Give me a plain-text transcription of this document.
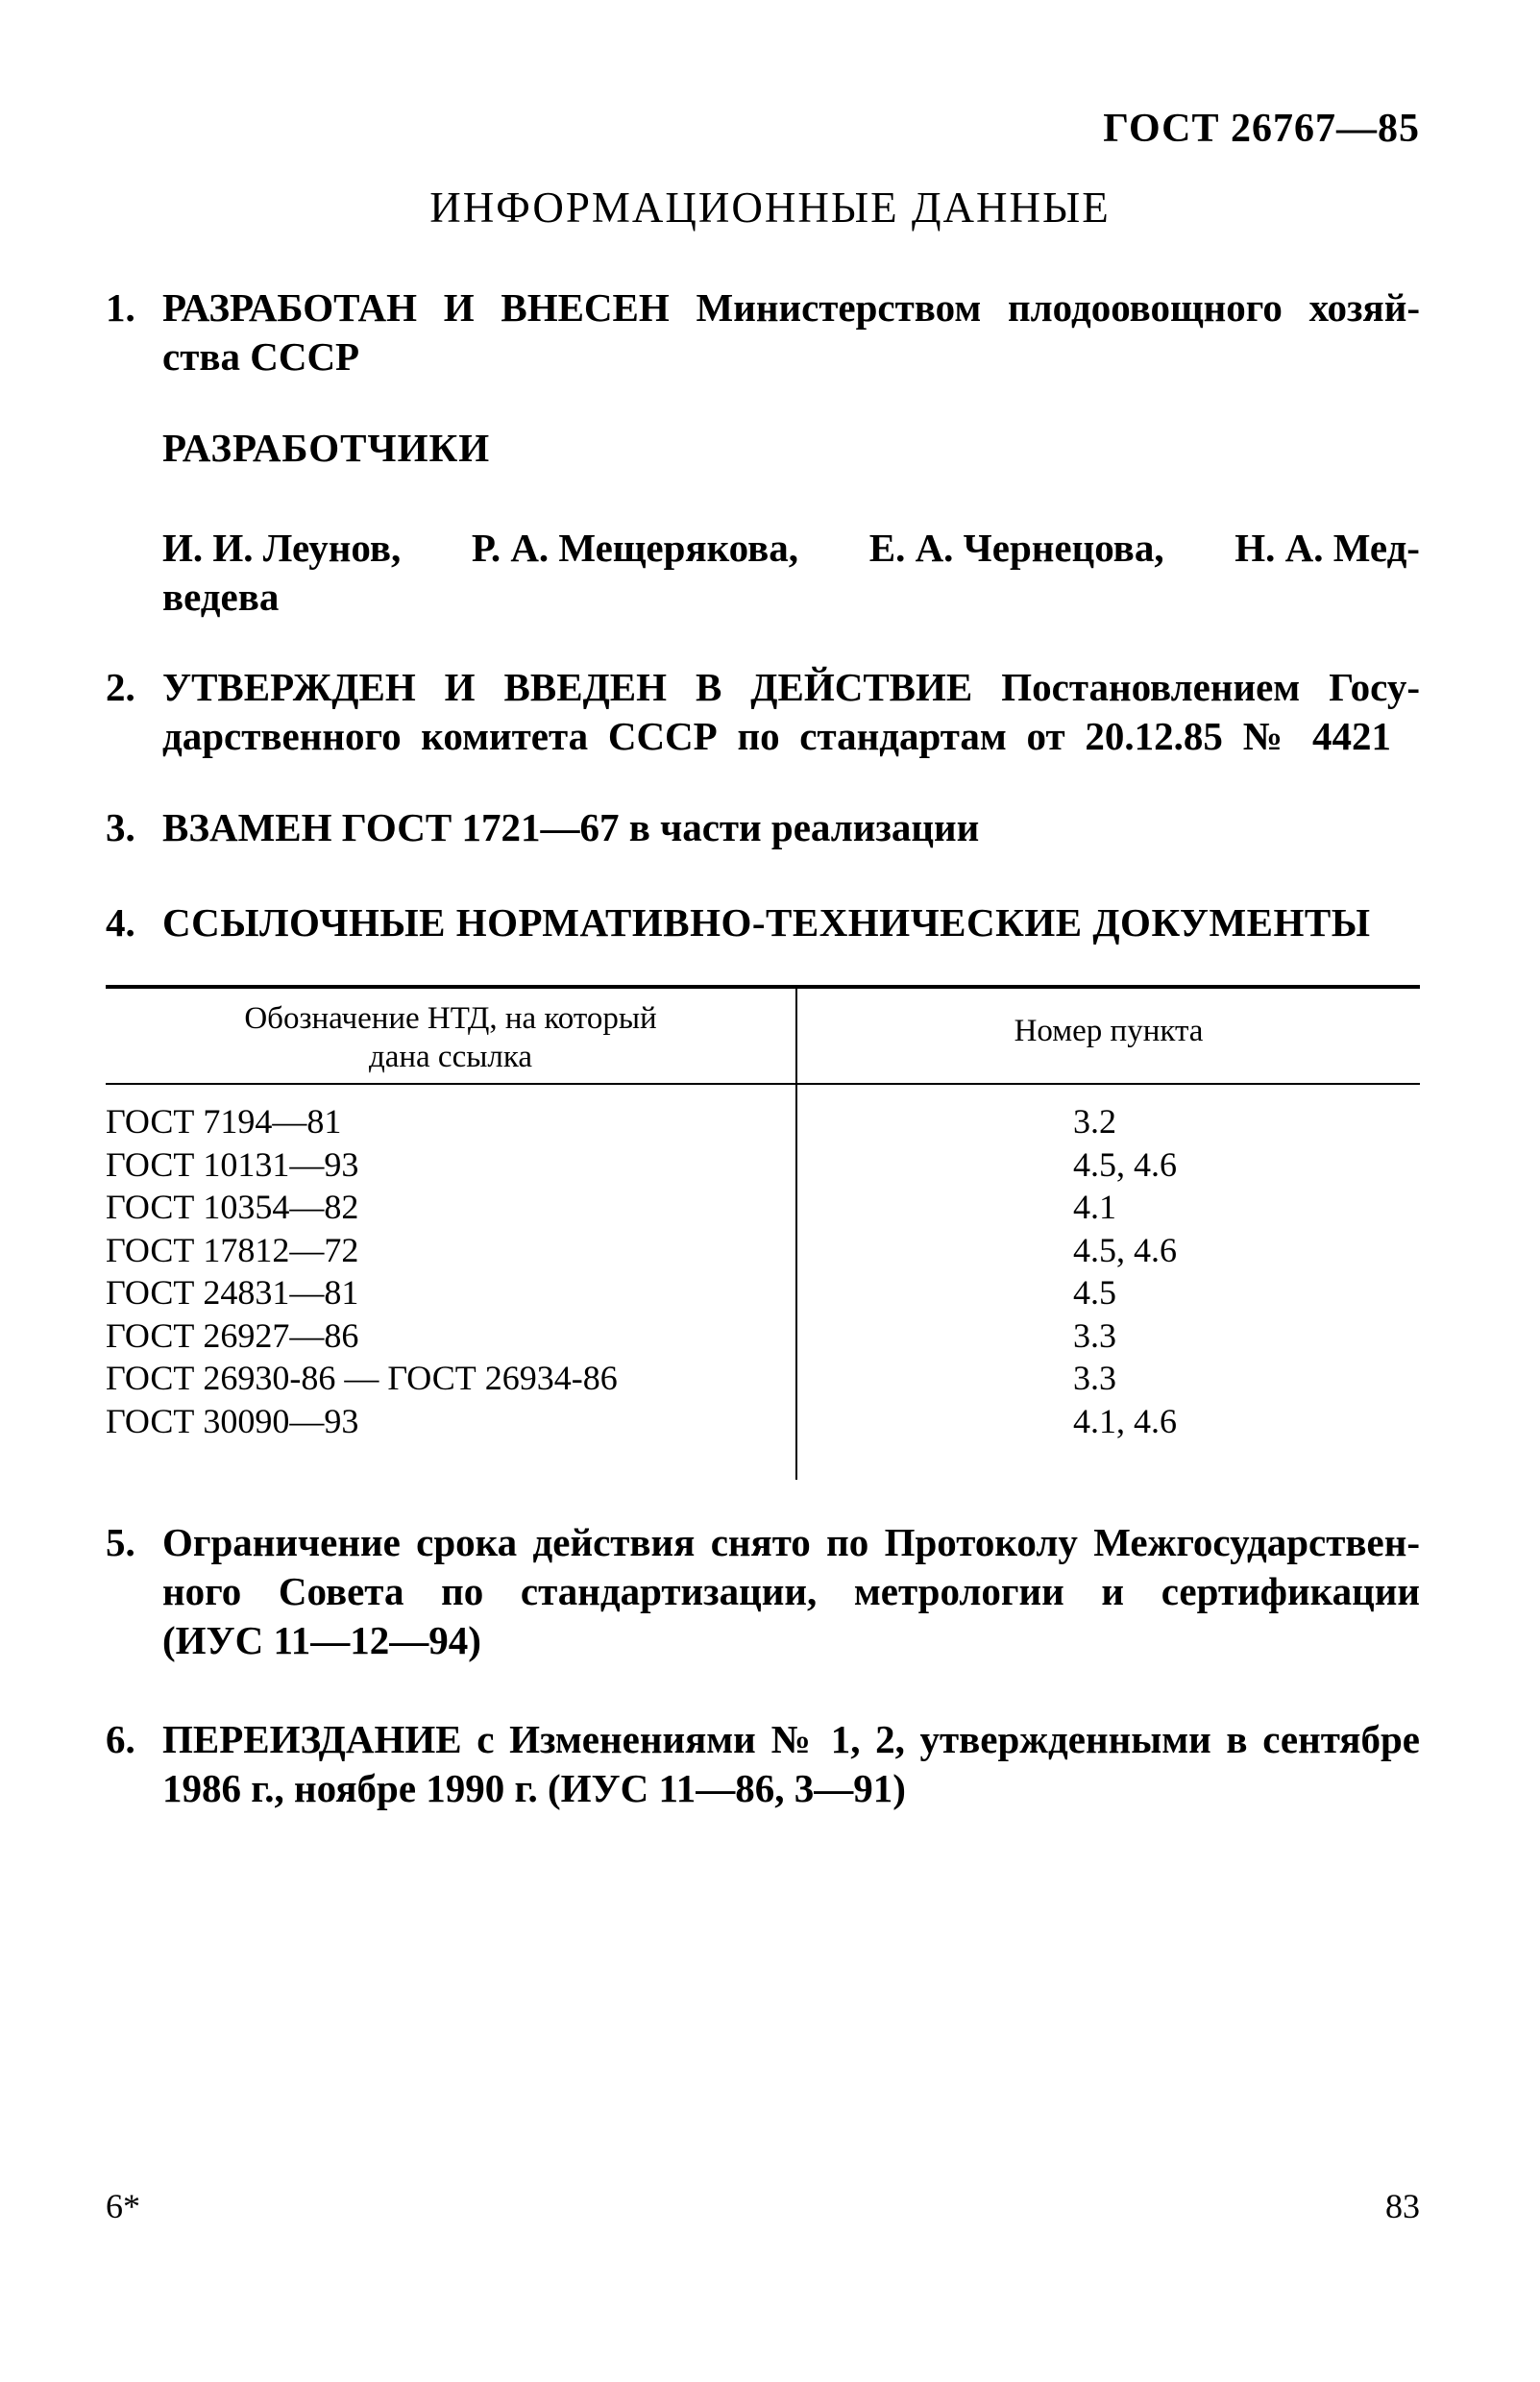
ГОСТ 26767—85
ИНФОРМАЦИОННЫЕ ДАННЫЕ
1. РАЗРАБОТАН И ВНЕСЕН Министерством плодоовощного хозяй-
ства СССР
РАЗРАБОТЧИКИ
И. И. Леунов, Р. А. Мещерякова, Е. А. Чернецова, Н. А. Мед-
ведева
2. УТВЕРЖДЕН И ВВЕДЕН В ДЕЙСТВИЕ Постановлением Госу-
дарственного комитета СССР по стандартам от 20.12.85 № 4421
3. ВЗАМЕН ГОСТ 1721—67 в части реализации
4. ССЫЛОЧНЫЕ НОРМАТИВНО-ТЕХНИЧЕСКИЕ ДОКУМЕНТЫ
Обозначение НТД, на который
дана ссылка
Номер пункта
ГОСТ 7194—81
ГОСТ 10131—93
ГОСТ 10354—82
ГОСТ 17812—72
ГОСТ 24831—81
ГОСТ 26927—86
ГОСТ 26930-86 — ГОСТ 26934-86
ГОСТ 30090—93
3.2
4.5, 4.6
4.1
4.5, 4.6
4.5
3.3
3.3
4.1, 4.6
5. Ограничение срока действия снято по Протоколу Межгосударствен-
ного Совета по стандартизации, метрологии и сертификации
(ИУС 11—12—94)
6. ПЕРЕИЗДАНИЕ с Изменениями № 1, 2, утвержденными в сентябре
1986 г., ноябре 1990 г. (ИУС 11—86, 3—91)
6*	83
